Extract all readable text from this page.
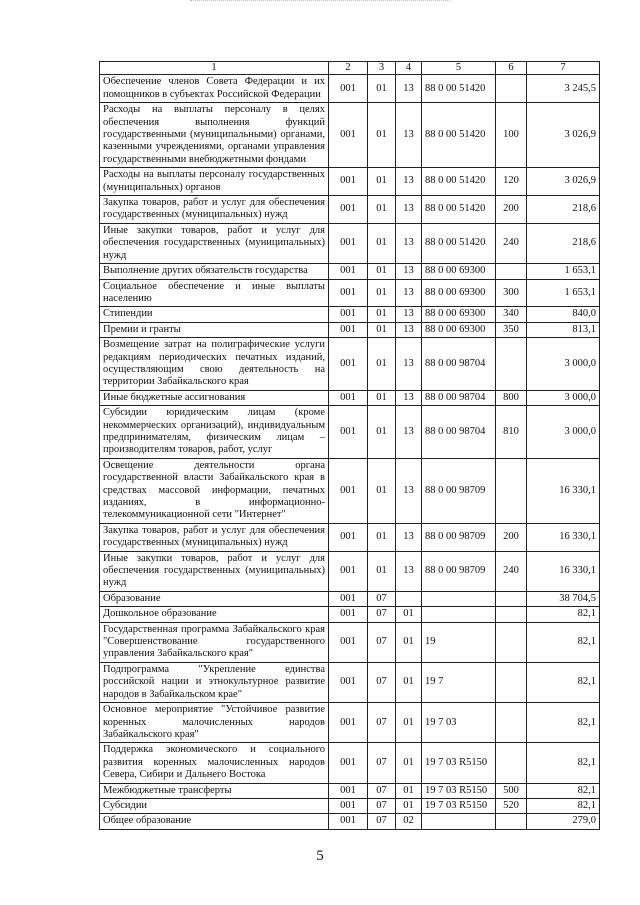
1	2	3	4	5	6	7
Обеспечение членов Совета Федерации и их помощников в субъектах Российской Федерации	001	01	13	88 0 00 51420		3 245,5
Расходы на выплаты персоналу в целях обеспечения выполнения функций государственными (муниципальными) органами, казенными учреждениями, органами управления государственными внебюджетными фондами	001	01	13	88 0 00 51420	100	3 026,9
Расходы на выплаты персоналу государственных (муниципальных) органов	001	01	13	88 0 00 51420	120	3 026,9
Закупка товаров, работ и услуг для обеспечения государственных (муниципальных) нужд	001	01	13	88 0 00 51420	200	218,6
Иные закупки товаров, работ и услуг для обеспечения государственных (муниципальных) нужд	001	01	13	88 0 00 51420	240	218,6
Выполнение других обязательств государства	001	01	13	88 0 00 69300		1 653,1
Социальное обеспечение и иные выплаты населению	001	01	13	88 0 00 69300	300	1 653,1
Стипендии	001	01	13	88 0 00 69300	340	840,0
Премии и гранты	001	01	13	88 0 00 69300	350	813,1
Возмещение затрат на полиграфические услуги редакциям периодических печатных изданий, осуществляющим свою деятельность на территории Забайкальского края	001	01	13	88 0 00 98704		3 000,0
Иные бюджетные ассигнования	001	01	13	88 0 00 98704	800	3 000,0
Субсидии юридическим лицам (кроме некоммерческих организаций), индивидуальным предпринимателям, физическим лицам – производителям товаров, работ, услуг	001	01	13	88 0 00 98704	810	3 000,0
Освещение деятельности органа государственной власти Забайкальского края в средствах массовой информации, печатных изданиях, в информационно-телекоммуникационной сети "Интернет"	001	01	13	88 0 00 98709		16 330,1
Закупка товаров, работ и услуг для обеспечения государственных (муниципальных) нужд	001	01	13	88 0 00 98709	200	16 330,1
Иные закупки товаров, работ и услуг для обеспечения государственных (муниципальных) нужд	001	01	13	88 0 00 98709	240	16 330,1
Образование	001	07				38 704,5
Дошкольное образование	001	07	01			82,1
Государственная программа Забайкальского края "Совершенствование государственного управления Забайкальского края"	001	07	01	19		82,1
Подпрограмма "Укрепление единства российской нации и этнокультурное развитие народов в Забайкальском крае"	001	07	01	19 7		82,1
Основное мероприятие "Устойчивое развитие коренных малочисленных народов Забайкальского края"	001	07	01	19 7 03		82,1
Поддержка экономического и социального развития коренных малочисленных народов Севера, Сибири и Дальнего Востока	001	07	01	19 7 03 R5150		82,1
Межбюджетные трансферты	001	07	01	19 7 03 R5150	500	82,1
Субсидии	001	07	01	19 7 03 R5150	520	82,1
Общее образование	001	07	02			279,0
5
